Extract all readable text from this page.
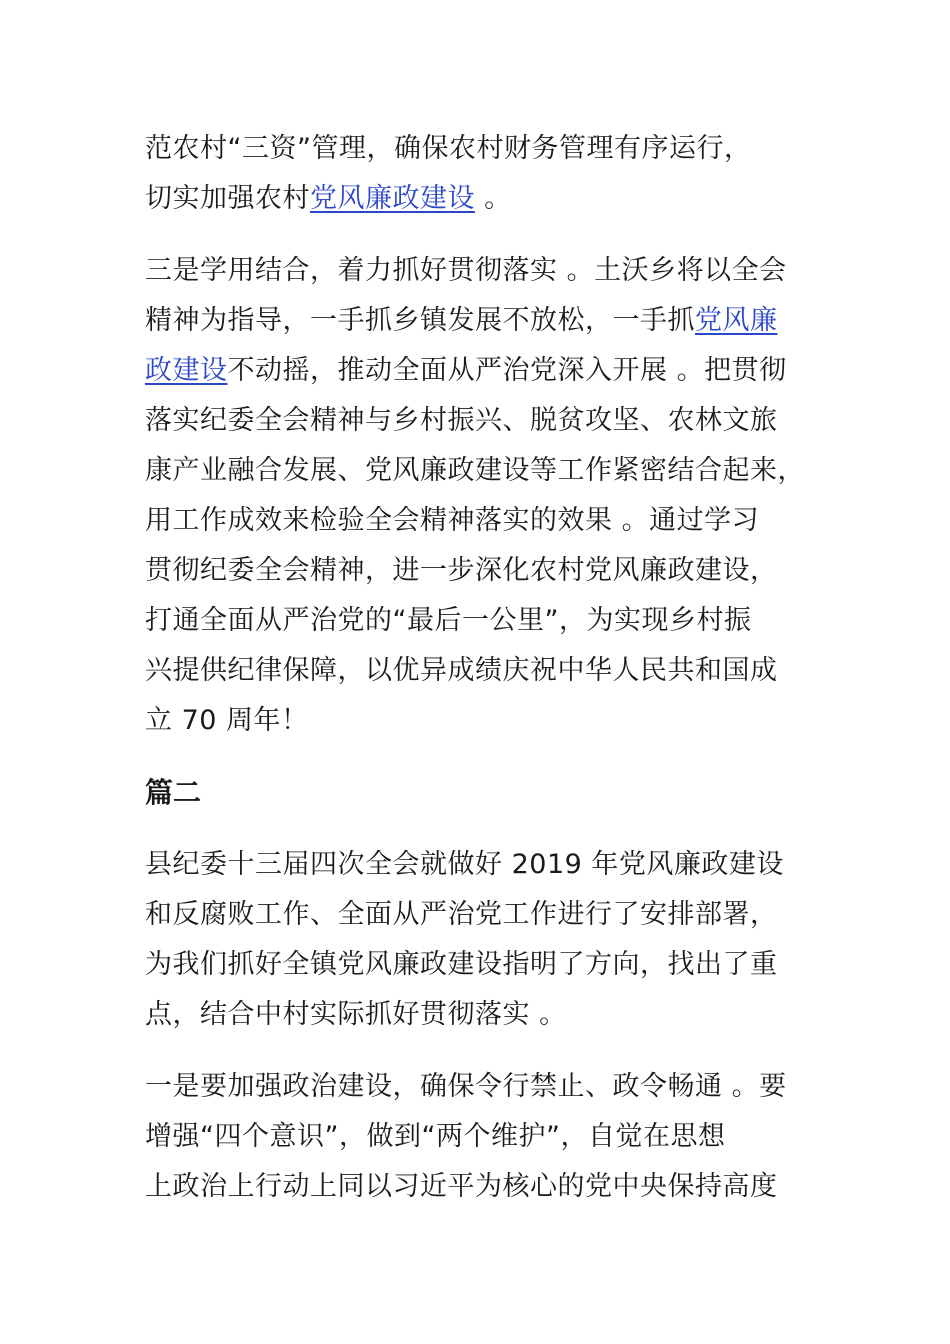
范农村“三资”管理，确保农村财务管理有序运行，
切实加强农村党风廉政建设 。
三是学用结合，着力抓好贯彻落实 。土沃乡将以全会
精神为指导，一手抓乡镇发展不放松，一手抓党风廉
政建设不动摇，推动全面从严治党深入开展 。把贯彻
落实纪委全会精神与乡村振兴、脱贫攻坚、农林文旅
康产业融合发展、党风廉政建设等工作紧密结合起来，
用工作成效来检验全会精神落实的效果 。通过学习
贯彻纪委全会精神，进一步深化农村党风廉政建设，
打通全面从严治党的“最后一公里”，为实现乡村振
兴提供纪律保障，以优异成绩庆祝中华人民共和国成
立 70 周年！
篇二
县纪委十三届四次全会就做好 2019 年党风廉政建设
和反腐败工作、全面从严治党工作进行了安排部署，
为我们抓好全镇党风廉政建设指明了方向，找出了重
点，结合中村实际抓好贯彻落实 。
一是要加强政治建设，确保令行禁止、政令畅通 。要
增强“四个意识”，做到“两个维护”，自觉在思想
上政治上行动上同以习近平为核心的党中央保持高度
